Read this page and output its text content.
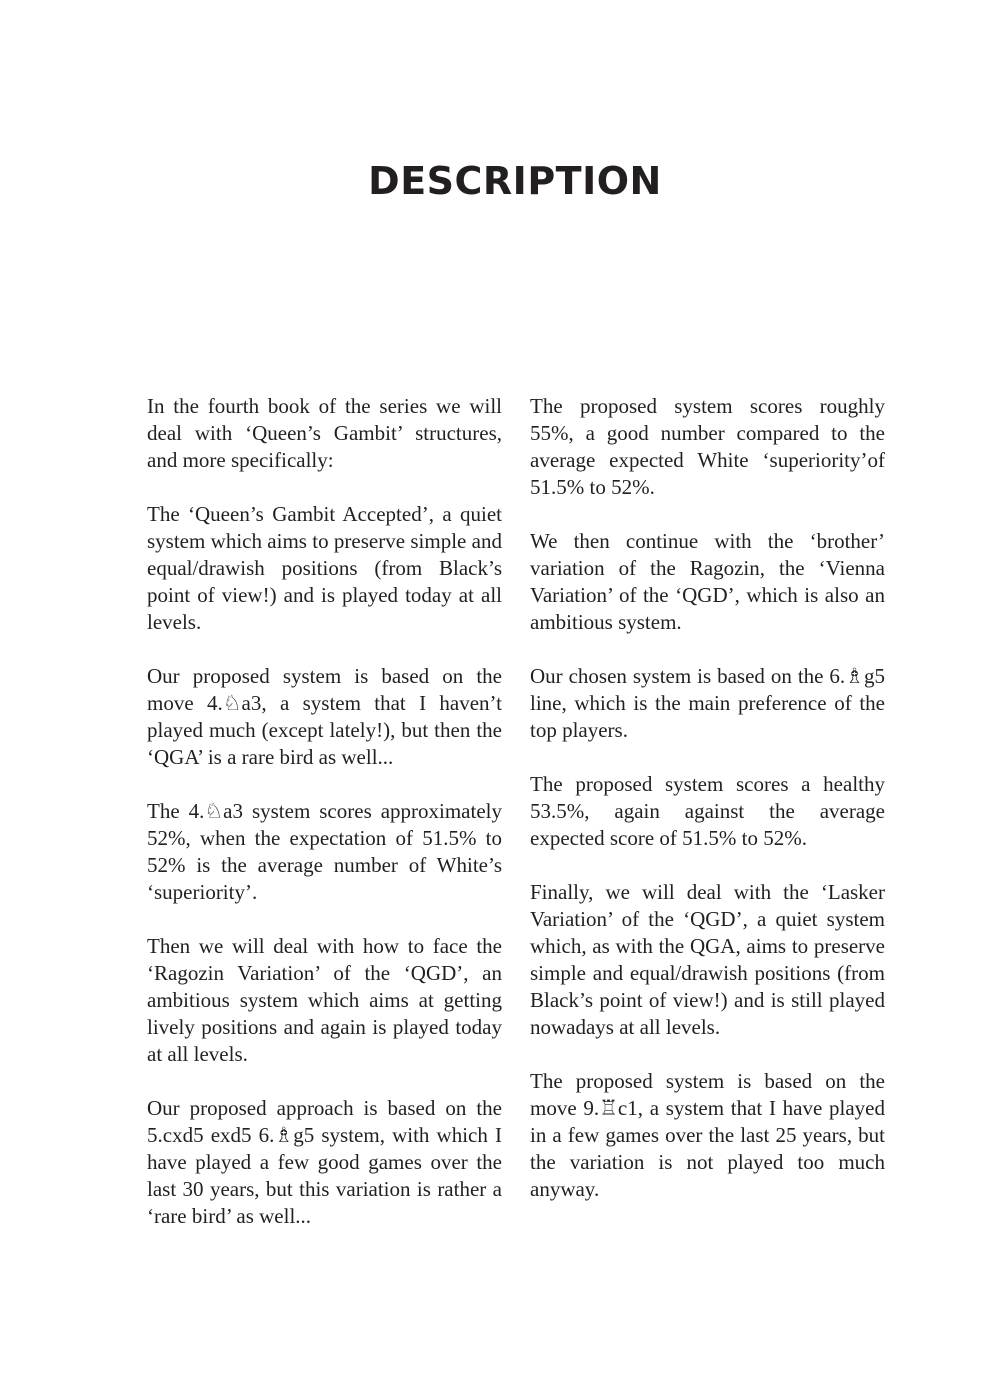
DESCRIPTION

In the fourth book of the series we will deal with ‘Queen’s Gambit’ structures, and more specifically:

The ‘Queen’s Gambit Accepted’, a quiet system which aims to preserve simple and equal/drawish positions (from Black’s point of view!) and is played today at all levels.

Our proposed system is based on the move 4.♘a3, a system that I haven’t played much (except lately!), but then the ‘QGA’ is a rare bird as well...

The 4.♘a3 system scores approximately 52%, when the expectation of 51.5% to 52% is the average number of White’s ‘superiority’.

Then we will deal with how to face the ‘Ragozin Variation’ of the ‘QGD’, an ambitious system which aims at getting lively positions and again is played today at all levels.

Our proposed approach is based on the 5.cxd5 exd5 6.♗g5 system, with which I have played a few good games over the last 30 years, but this variation is rather a ‘rare bird’ as well...

The proposed system scores roughly 55%, a good number compared to the average expected White ‘superiority’of 51.5% to 52%.

We then continue with the ‘brother’ variation of the Ragozin, the ‘Vienna Variation’ of the ‘QGD’, which is also an ambitious system.

Our chosen system is based on the 6.♗g5 line, which is the main preference of the top players.

The proposed system scores a healthy 53.5%, again against the average expected score of 51.5% to 52%.

Finally, we will deal with the ‘Lasker Variation’ of the ‘QGD’, a quiet system which, as with the QGA, aims to preserve simple and equal/drawish positions (from Black’s point of view!) and is still played nowadays at all levels.

The proposed system is based on the move 9.♖c1, a system that I have played in a few games over the last 25 years, but the variation is not played too much anyway.
